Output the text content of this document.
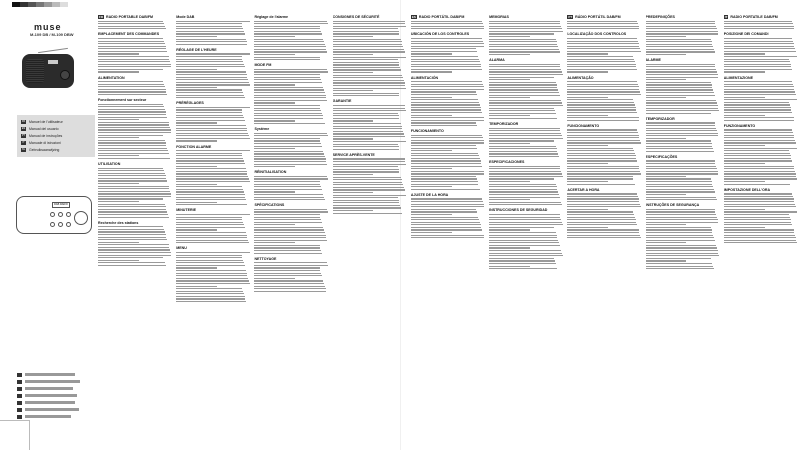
muse
M-109 DB / M-109 DBW
FR Manuel de l'utilisateur
ES Manual del usuario
PT Manual de instruções
IT	Manuale di istruzioni
NL Gebruiksaanwijzing
DAB RADIO
FR RADIO PORTABLE DAB/FM
EMPLACEMENT DES COMMANDES
ALIMENTATION
Fonctionnement sur secteur
UTILISATION
Recherche des stations
Mode DAB
RÉGLAGE DE L'HEURE
PRÉRÉGLAGES
FONCTION ALARME
MINUTERIE
MENU
Réglage de l'alarme
MODE FM
Système
RÉINITIALISATION
SPÉCIFICATIONS
NETTOYAGE
CONSIGNES DE SÉCURITÉ
GARANTIE
SERVICE APRÈS-VENTE
ES RADIO PORTÁTIL DAB/FM
UBICACIÓN DE LOS CONTROLES
ALIMENTACIÓN
FUNCIONAMIENTO
AJUSTE DE LA HORA
MEMORIAS
ALARMA
TEMPORIZADOR
ESPECIFICACIONES
INSTRUCCIONES DE SEGURIDAD
PT RÁDIO PORTÁTIL DAB/FM
LOCALIZAÇÃO DOS CONTROLOS
ALIMENTAÇÃO
FUNCIONAMENTO
ACERTAR A HORA
PREDEFINIÇÕES
ALARME
TEMPORIZADOR
ESPECIFICAÇÕES
INSTRUÇÕES DE SEGURANÇA
IT RADIO PORTATILE DAB/FM
POSIZIONE DEI COMANDI
ALIMENTAZIONE
FUNZIONAMENTO
IMPOSTAZIONE DELL'ORA
